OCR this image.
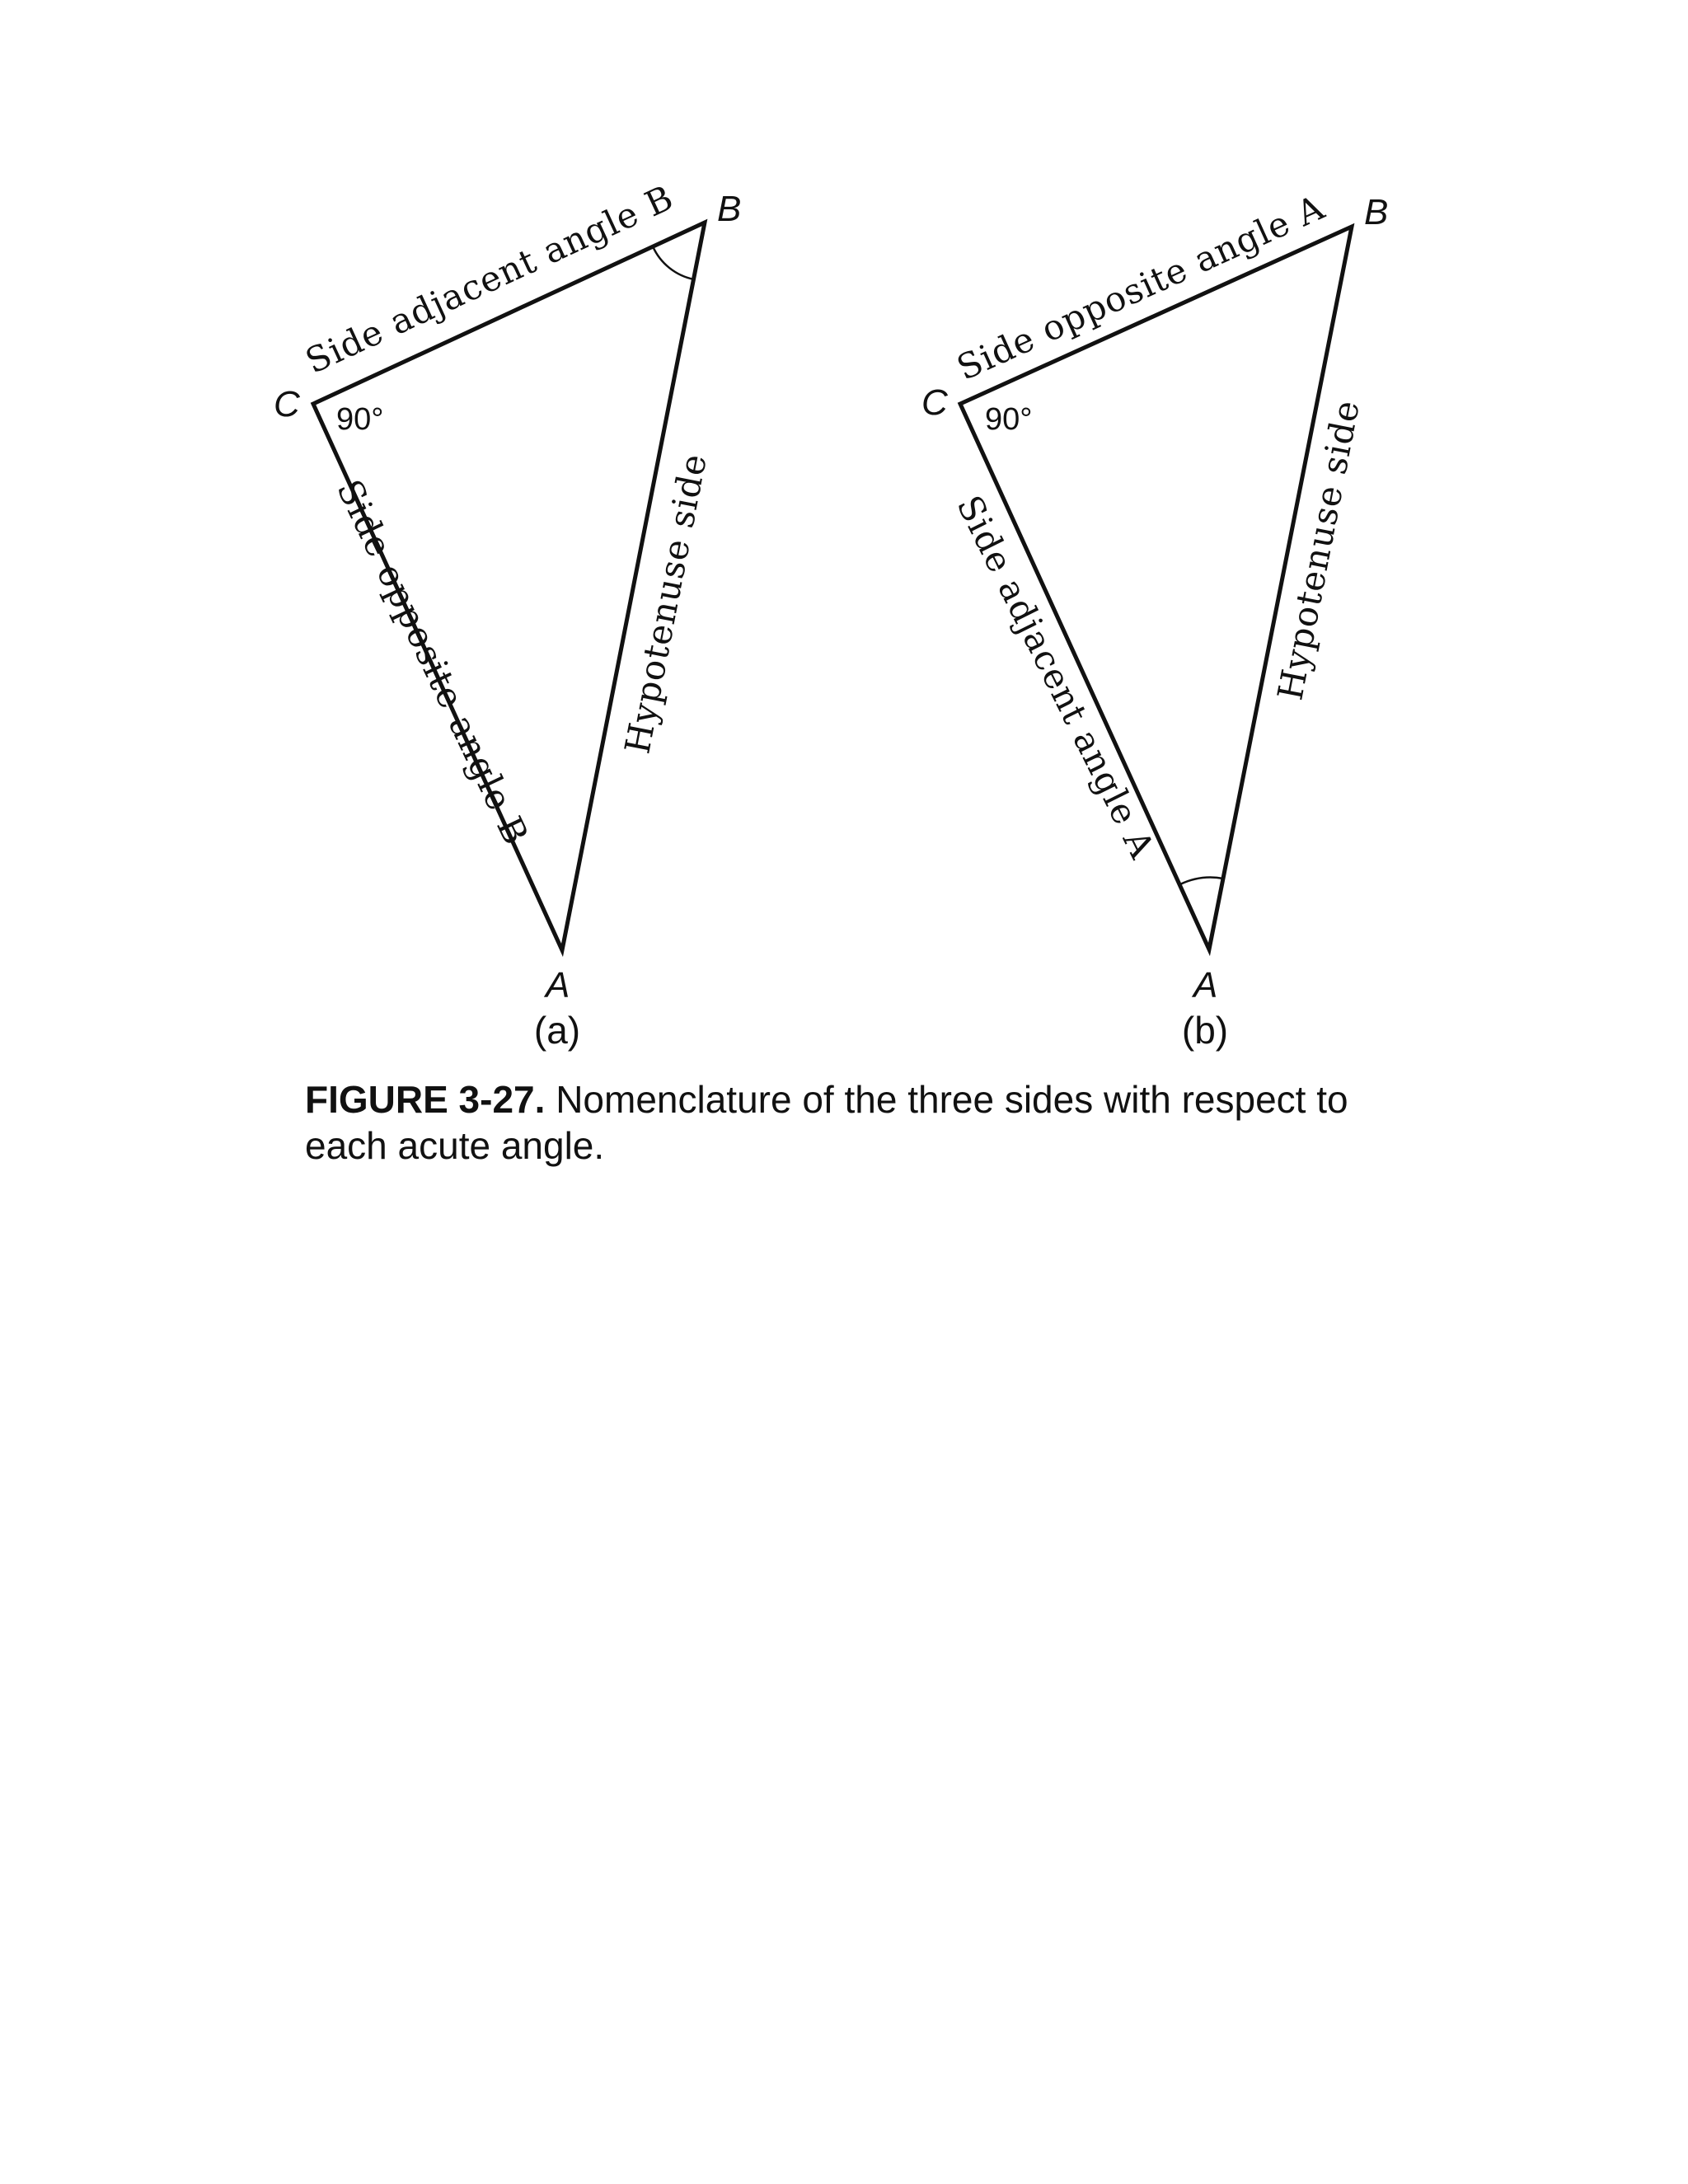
C
B
A
90°
Side adjacent angle B
Side opposite angle B Hypotenuse side
(a)
C
B
A
90°
Side opposite angle A
Side adjacent angle A	Hypotenuse side
(b)
FIGURE 3-27. Nomenclature of the three sides with respect to each acute angle.
